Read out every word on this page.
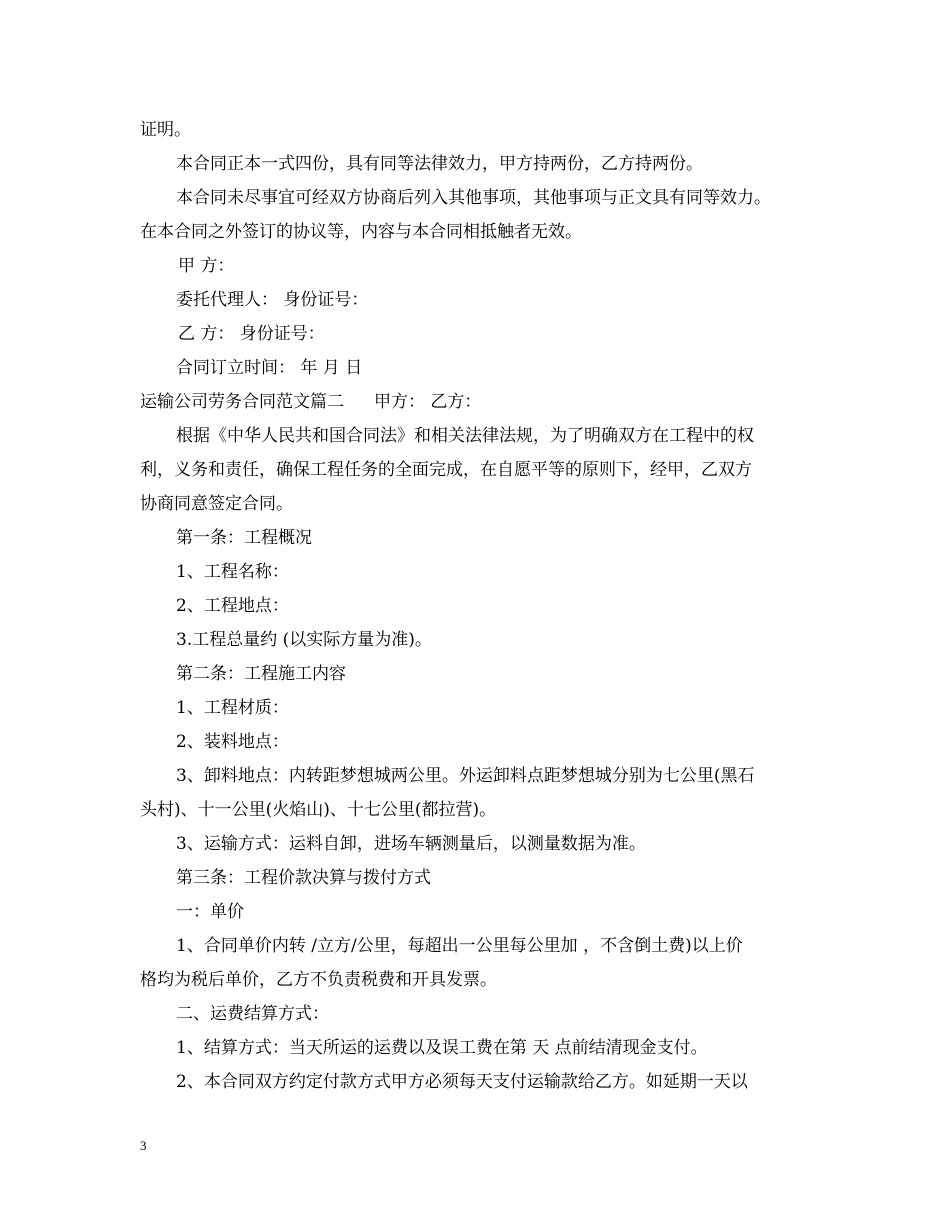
证明。
本合同正本一式四份，具有同等法律效力，甲方持两份，乙方持两份。
本合同未尽事宜可经双方协商后列入其他事项，其他事项与正文具有同等效力。
在本合同之外签订的协议等，内容与本合同相抵触者无效。
甲 方：
委托代理人： 身份证号：
乙 方： 身份证号：
合同订立时间： 年 月 日
运输公司劳务合同范文篇二 甲方： 乙方：
根据《中华人民共和国合同法》和相关法律法规，为了明确双方在工程中的权
利，义务和责任，确保工程任务的全面完成，在自愿平等的原则下，经甲，乙双方
协商同意签定合同。
第一条：工程概况
1、工程名称：
2、工程地点：
3.工程总量约 (以实际方量为准)。
第二条：工程施工内容
1、工程材质：
2、装料地点：
3、卸料地点：内转距梦想城两公里。外运卸料点距梦想城分别为七公里(黑石
头村)、十一公里(火焰山)、十七公里(都拉营)。
3、运输方式：运料自卸，进场车辆测量后，以测量数据为准。
第三条：工程价款决算与拨付方式
一：单价
1、合同单价内转 /立方/公里，每超出一公里每公里加 ，不含倒土费)以上价
格均为税后单价，乙方不负责税费和开具发票。
二、运费结算方式：
1、结算方式：当天所运的运费以及误工费在第 天 点前结清现金支付。
2、本合同双方约定付款方式甲方必须每天支付运输款给乙方。如延期一天以
3
